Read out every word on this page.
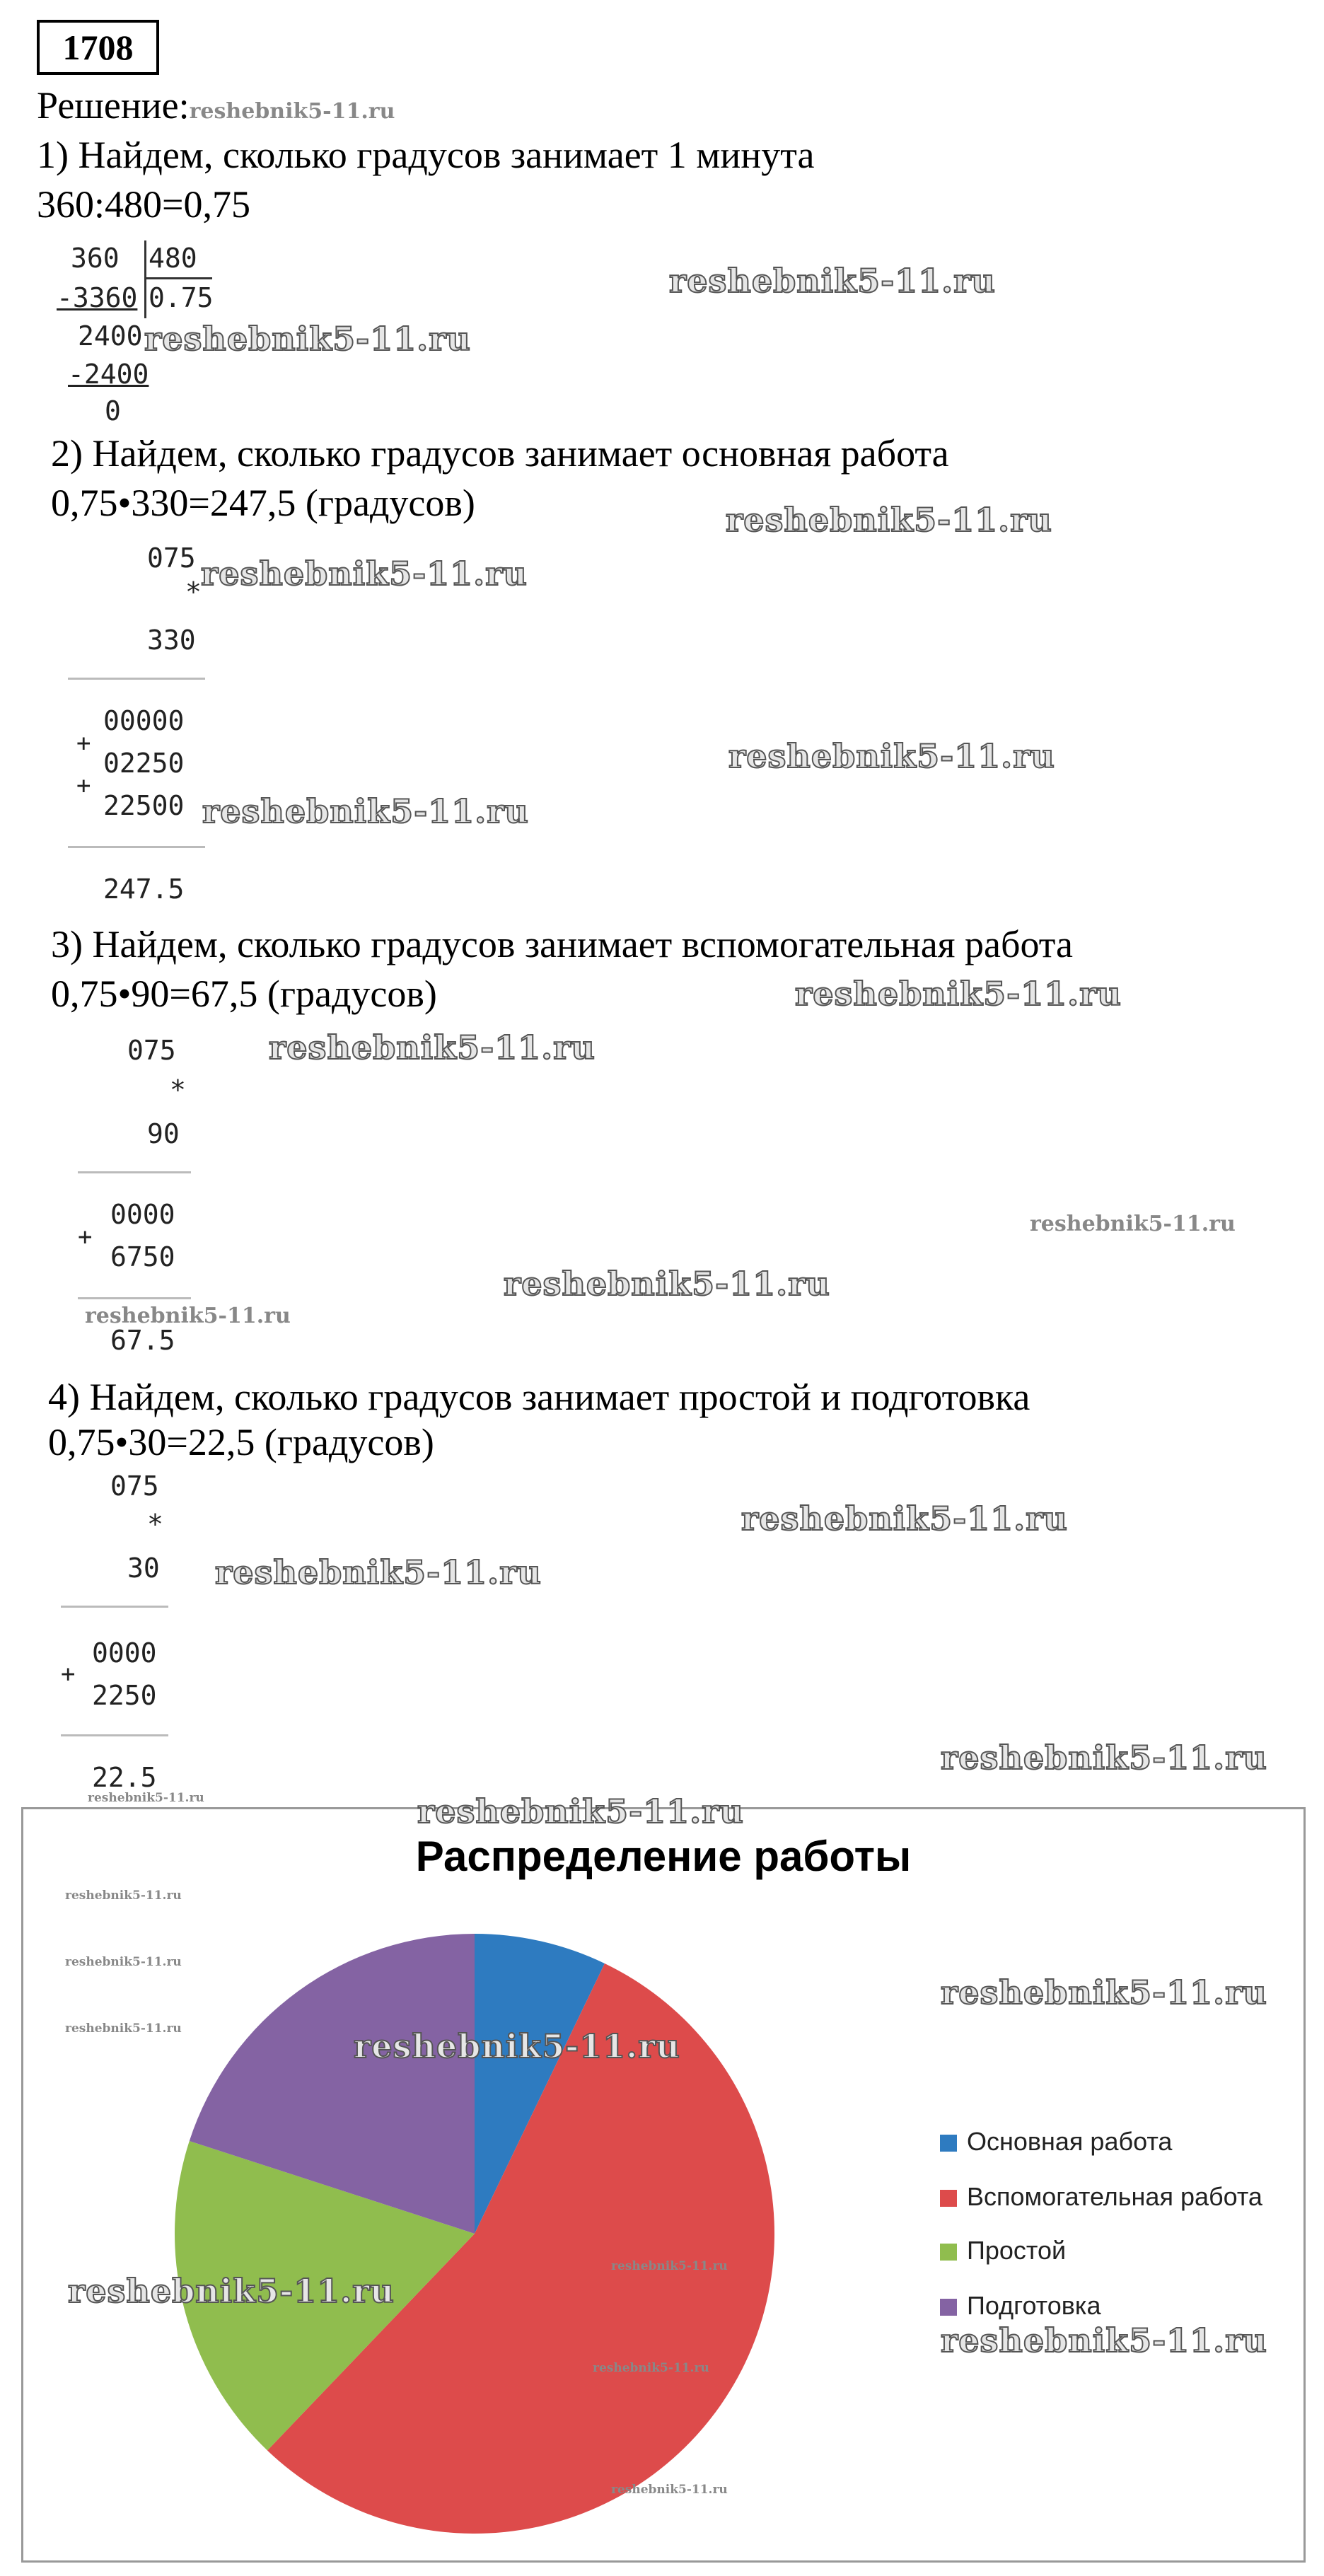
1708
Решение:reshebnik5-11.ru
1) Найдем, сколько градусов занимает 1 минута
360:480=0,75
360 480
-3360 0.75
2400
-2400
0
2) Найдем, сколько градусов занимает основная работа
0,75•330=247,5 (градусов)
075
*
330
00000
+
02250
+
22500
247.5
3) Найдем, сколько градусов занимает вспомогательная работа
0,75•90=67,5 (градусов)
075
*
90
0000
+
6750
67.5
4) Найдем, сколько градусов занимает простой и подготовка
0,75•30=22,5 (градусов)
075
*
30
0000
+
2250
22.5
Распределение работы
Основная работа
Вспомогательная работа
Простой
Подготовка
reshebnik5-11.ru
reshebnik5-11.ru
reshebnik5-11.ru
reshebnik5-11.ru
reshebnik5-11.ru
reshebnik5-11.ru
reshebnik5-11.ru
reshebnik5-11.ru
reshebnik5-11.ru
reshebnik5-11.ru
reshebnik5-11.ru
reshebnik5-11.ru
reshebnik5-11.ru
reshebnik5-11.ru
reshebnik5-11.ru
reshebnik5-11.ru
reshebnik5-11.ru
reshebnik5-11.ru
reshebnik5-11.ru
reshebnik5-11.ru
reshebnik5-11.ru
reshebnik5-11.ru
reshebnik5-11.ru
reshebnik5-11.ru
reshebnik5-11.ru
reshebnik5-11.ru
